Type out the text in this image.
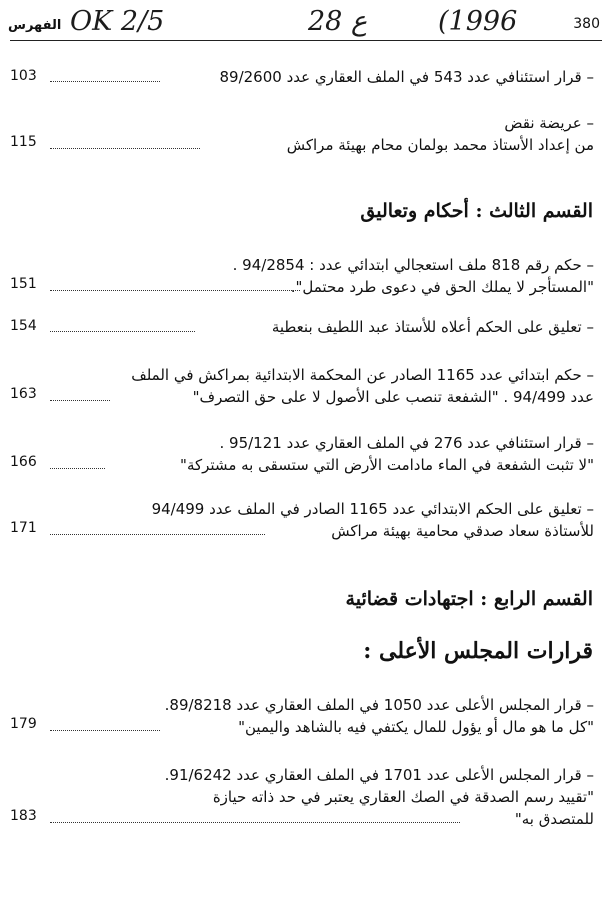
الفهرس OK 2/5	28 ع	(1996	380
– قرار استئنافي عدد 543 في الملف العقاري عدد 89/2600
103
– عريضة نقض
من إعداد الأستاذ محمد بولمان محام بهيئة مراكش
115
القسم الثالث : أحكام وتعاليق
– حكم رقم 818 ملف استعجالي ابتدائي عدد : 94/2854 .
"المستأجر لا يملك الحق في دعوى طرد محتمل".
151
– تعليق على الحكم أعلاه للأستاذ عبد اللطيف بنعطية
154
– حكم ابتدائي عدد 1165 الصادر عن المحكمة الابتدائية بمراكش في الملف
عدد 94/499 . "الشفعة تنصب على الأصول لا على حق التصرف"
163
– قرار استئنافي عدد 276 في الملف العقاري عدد 95/121 .
"لا تثبت الشفعة في الماء مادامت الأرض التي ستسقى به مشتركة"
166
– تعليق على الحكم الابتدائي عدد 1165 الصادر في الملف عدد 94/499
للأستاذة سعاد صدقي محامية بهيئة مراكش
171
القسم الرابع : اجتهادات قضائية
قرارات المجلس الأعلى :
– قرار المجلس الأعلى عدد 1050 في الملف العقاري عدد 89/8218.
"كل ما هو مال أو يؤول للمال يكتفي فيه بالشاهد واليمين"
179
– قرار المجلس الأعلى عدد 1701 في الملف العقاري عدد 91/6242.
"تقييد رسم الصدقة في الصك العقاري يعتبر في حد ذاته حيازة
للمتصدق به"
183
